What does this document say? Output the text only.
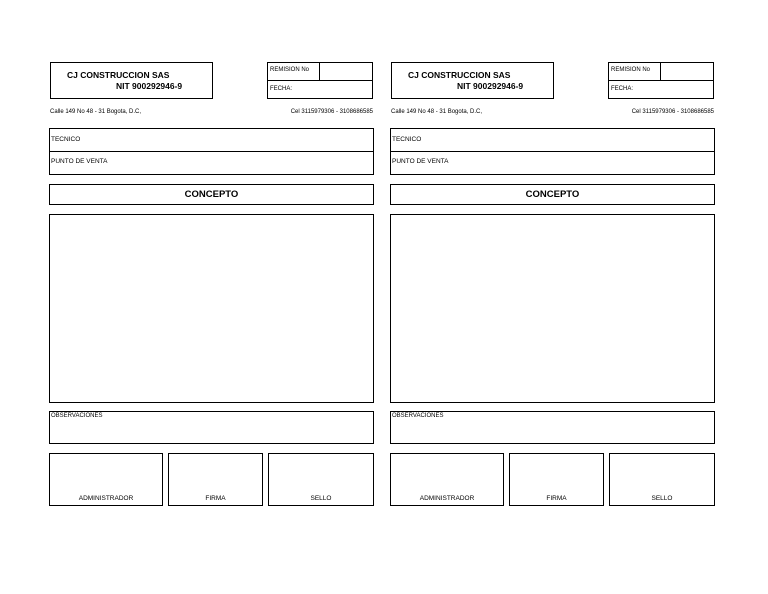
CJ CONSTRUCCION SAS
NIT 900292946-9
REMISION No
FECHA:
Calle 149 No 48 - 31 Bogota, D.C,	Cel 3115979306 - 3108686585
TECNICO
PUNTO DE VENTA
CONCEPTO
OBSERVACIONES
ADMINISTRADOR	FIRMA	SELLO
CJ CONSTRUCCION SAS
NIT 900292946-9
REMISION No
FECHA:
Calle 149 No 48 - 31 Bogota, D.C,	Cel 3115979306 - 3108686585
TECNICO
PUNTO DE VENTA
CONCEPTO
OBSERVACIONES
ADMINISTRADOR	FIRMA	SELLO
